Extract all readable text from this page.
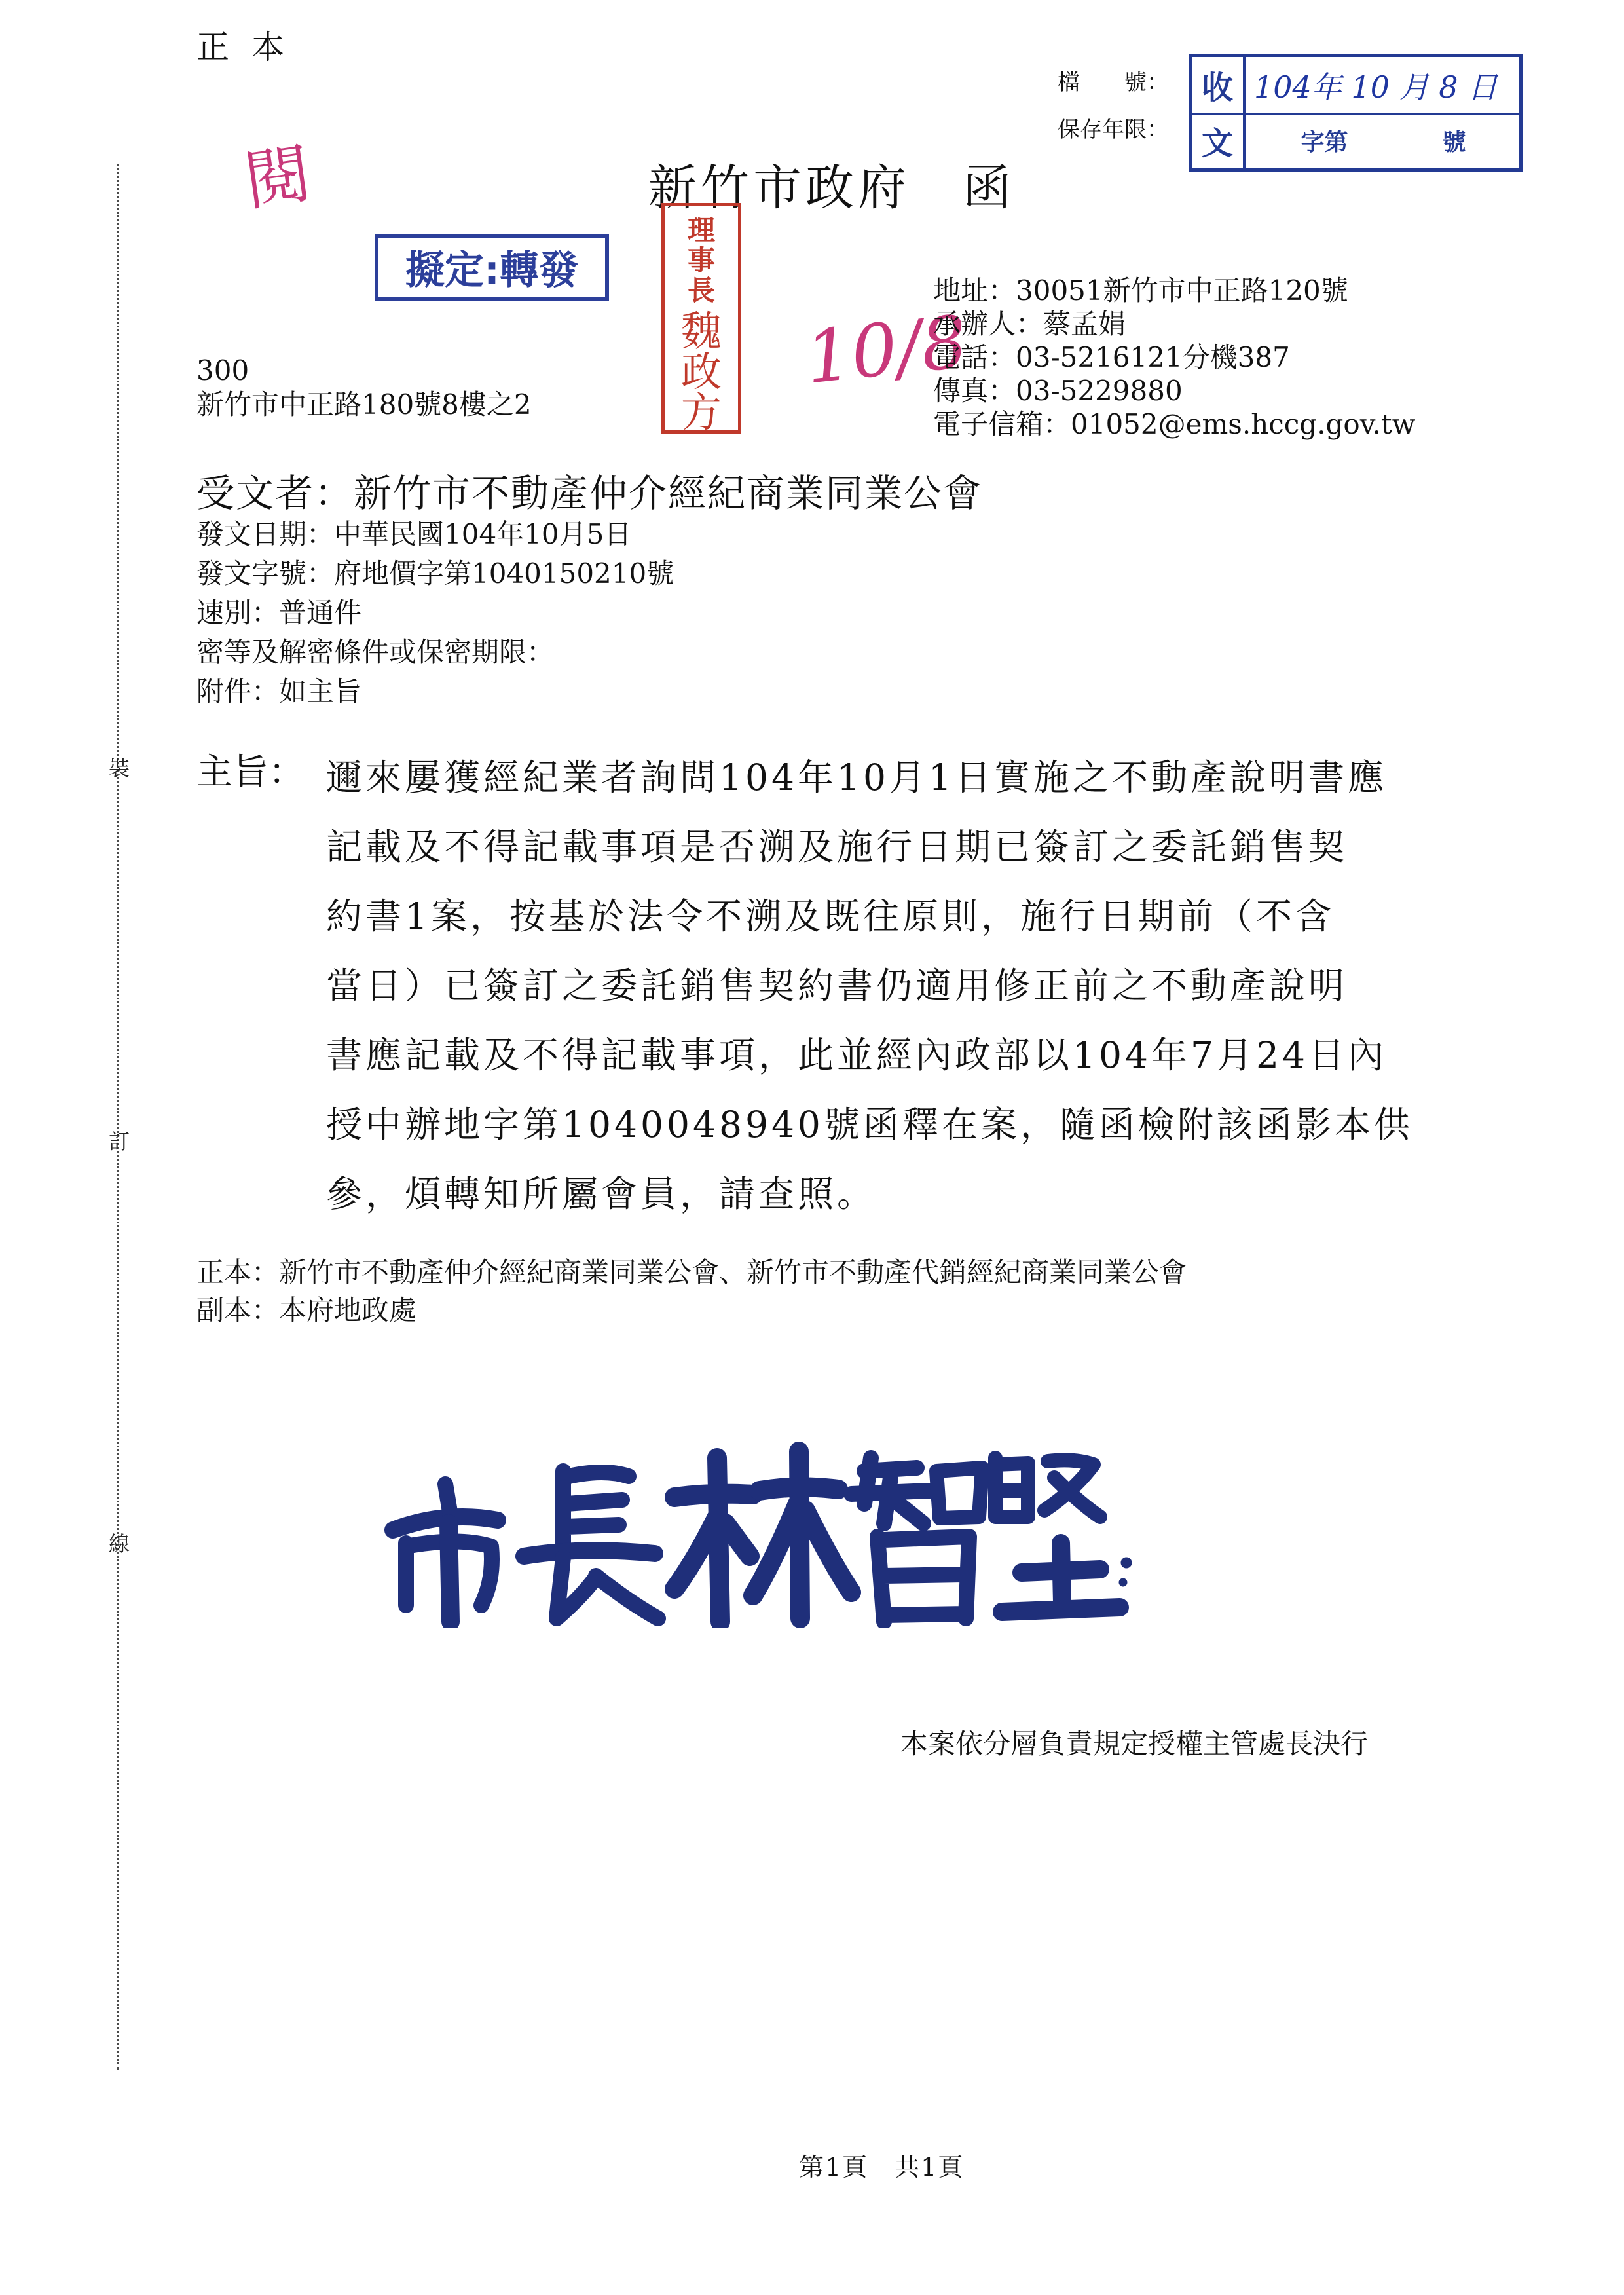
正本
裝
訂
線
檔　　號：
保存年限：
收 104年 10 月 8 日
文	字第　　　　號
新竹市政府　函
閱
擬定:轉發
理
事
長
魏
政
方
10/8
地址：30051新竹市中正路120號
承辦人：蔡孟娟
電話：03-5216121分機387
傳真：03-5229880
電子信箱：01052@ems.hccg.gov.tw
300
新竹市中正路180號8樓之2
受文者：新竹市不動產仲介經紀商業同業公會
發文日期：中華民國104年10月5日
發文字號：府地價字第1040150210號
速別：普通件
密等及解密條件或保密期限：
附件：如主旨
主旨： 邇來屢獲經紀業者詢問104年10月1日實施之不動產說明書應
記載及不得記載事項是否溯及施行日期已簽訂之委託銷售契
約書1案，按基於法令不溯及既往原則，施行日期前（不含
當日）已簽訂之委託銷售契約書仍適用修正前之不動產說明
書應記載及不得記載事項，此並經內政部以104年7月24日內
授中辦地字第1040048940號函釋在案，隨函檢附該函影本供
參，煩轉知所屬會員，請查照。
正本：新竹市不動產仲介經紀商業同業公會、新竹市不動產代銷經紀商業同業公會
副本：本府地政處
本案依分層負責規定授權主管處長決行
第1頁　共1頁
